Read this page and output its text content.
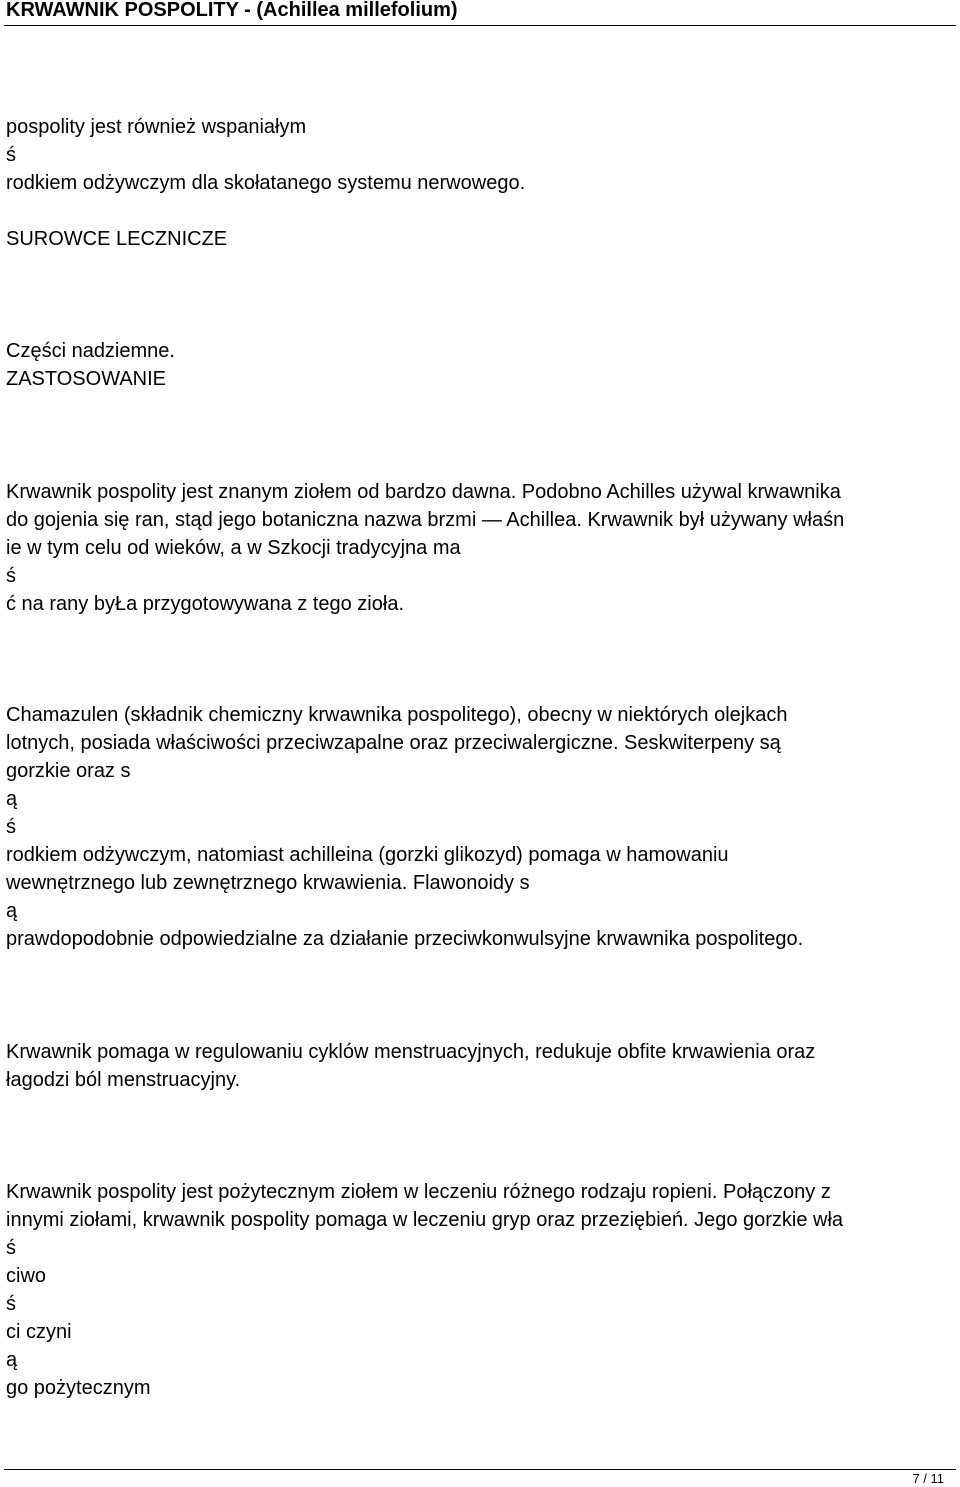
KRWAWNIK POSPOLITY - (Achillea millefolium)
pospolity jest również wspaniałym
ś
rodkiem odżywczym dla skołatanego systemu nerwowego.
SUROWCE LECZNICZE
Części nadziemne.
ZASTOSOWANIE
Krwawnik pospolity jest znanym ziołem od bardzo dawna. Podobno Achilles używal krwawnika
do gojenia się ran, stąd jego botaniczna nazwa brzmi — Achillea. Krwawnik był używany właśn
ie w tym celu od wieków, a w Szkocji tradycyjna ma
ś
ć na rany byŁa przygotowywana z tego zioła.
Chamazulen (składnik chemiczny krwawnika pospolitego), obecny w niektórych olejkach
lotnych, posiada właściwości przeciwzapalne oraz przeciwalergiczne. Seskwiterpeny są
gorzkie oraz s
ą
ś
rodkiem odżywczym, natomiast achilleina (gorzki glikozyd) pomaga w hamowaniu
wewnętrznego lub zewnętrznego krwawienia. Flawonoidy s
ą
prawdopodobnie odpowiedzialne za działanie przeciwkonwulsyjne krwawnika pospolitego.
Krwawnik pomaga w regulowaniu cyklów menstruacyjnych, redukuje obfite krwawienia oraz
łagodzi ból menstruacyjny.
Krwawnik pospolity jest pożytecznym ziołem w leczeniu różnego rodzaju ropieni. Połączony z
innymi ziołami, krwawnik pospolity pomaga w leczeniu gryp oraz przeziębień. Jego gorzkie wła
ś
ciwo
ś
ci czyni
ą
go pożytecznym
7 / 11
